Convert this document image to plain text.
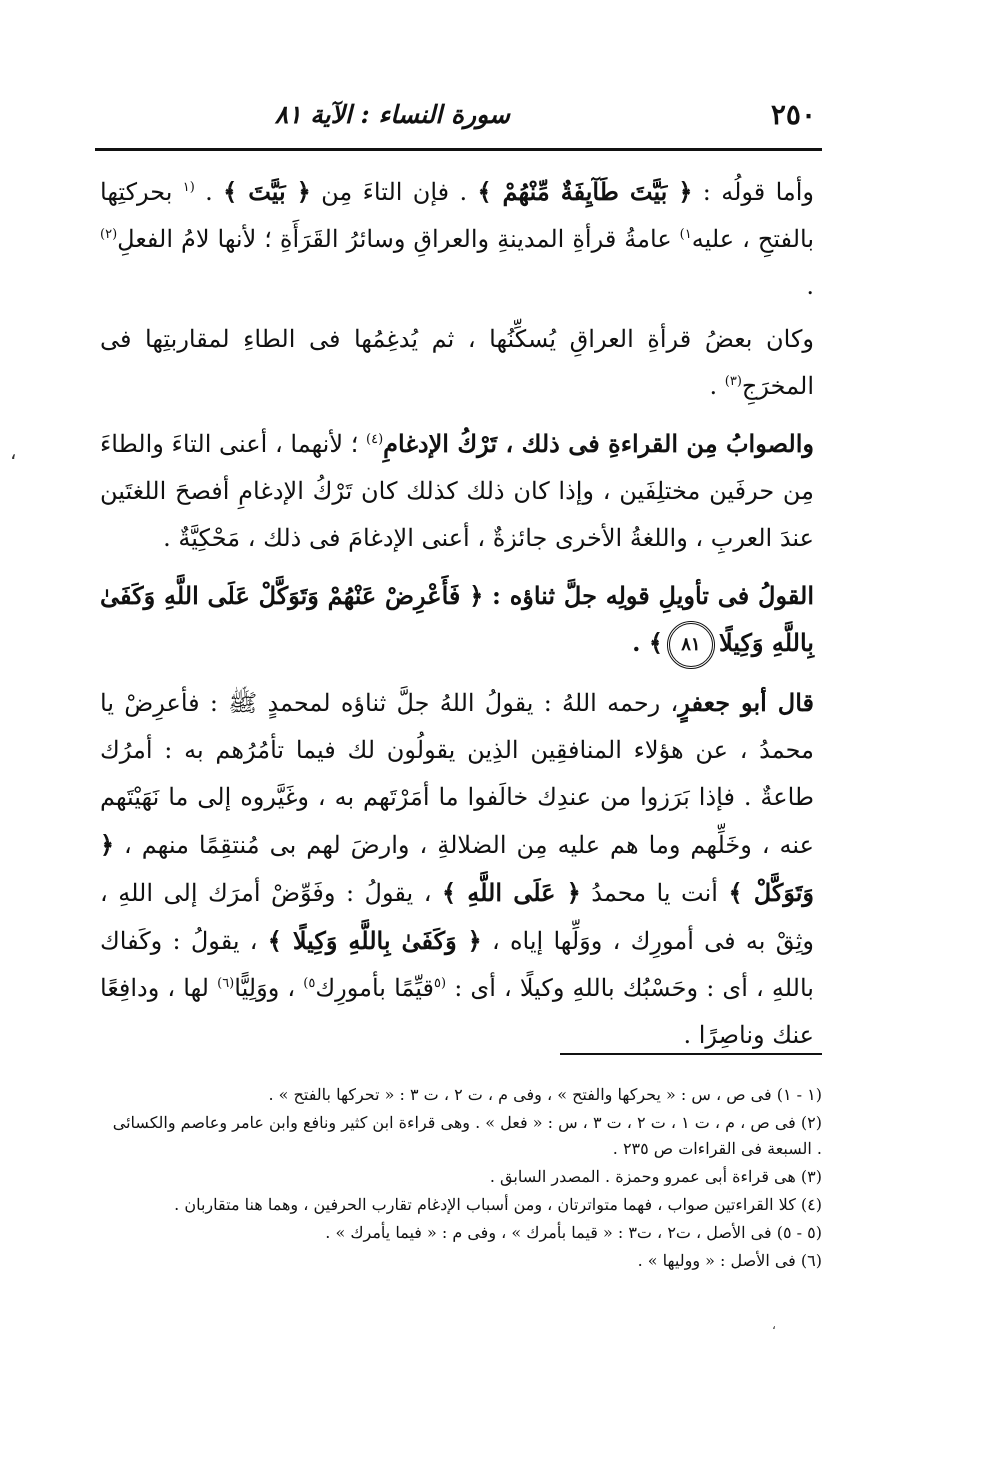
٢٥٠
سورة النساء : الآية ٨١
،

وأما قولُه : ﴿ بَيَّتَ طَآيِفَةٌ مِّنْهُمْ ﴾ . فإن التاءَ مِن ﴿ بَيَّتَ ﴾ . $^{(١}$ بحركتِها بالفتحِ ، عليه$^{١)}$ عامةُ قرأةِ المدينةِ والعراقِ وسائرُ القَرَأَةِ ؛ لأنها لامُ الفعلِ$^{(٢)}$ .

وكان بعضُ قرأةِ العراقِ يُسكِّنُها ، ثم يُدغِمُها فى الطاءِ لمقاربتِها فى المخرَجِ$^{(٣)}$ .

والصوابُ مِن القراءةِ فى ذلك ، تَرْكُ الإدغامِ$^{(٤)}$ ؛ لأنهما ، أعنى التاءَ والطاءَ مِن حرفَين مختلِفَين ، وإذا كان ذلك كذلك كان تَرْكُ الإدغامِ أفصحَ اللغتَين عندَ العربِ ، واللغةُ الأخرى جائزةٌ ، أعنى الإدغامَ فى ذلك ، مَحْكِيَّةٌ .

القولُ فى تأويلِ قولِه جلَّ ثناؤه : ﴿ فَأَعْرِضْ عَنْهُمْ وَتَوَكَّلْ عَلَى اللَّهِ وَكَفَىٰ بِاللَّهِ وَكِيلًا٨١﴾ .

قال أبو جعفرٍ، رحمه اللهُ : يقولُ اللهُ جلَّ ثناؤه لمحمدٍ ﷺ : فأعرِضْ يا محمدُ ، عن هؤلاء المنافقِين الذِين يقولُون لك فيما تأمُرُهم به : أمرُك طاعةٌ . فإذا بَرَزوا من عندِك خالَفوا ما أمَرْتَهم به ، وغَيَّروه إلى ما نَهَيْتَهم عنه ، وخَلِّهم وما هم عليه مِن الضلالةِ ، وارضَ لهم بى مُنتقِمًا منهم ، ﴿ وَتَوَكَّلْ ﴾ أنت يا محمدُ ﴿ عَلَى اللَّهِ ﴾ ، يقولُ : وفَوِّضْ أمرَك إلى اللهِ ، وثِقْ به فى أمورِك ، ووَلِّها إياه ، ﴿ وَكَفَىٰ بِاللَّهِ وَكِيلًا ﴾ ، يقولُ : وكَفاك باللهِ ، أى : وحَسْبُك باللهِ وكيلًا ، أى : $^{(٥}$قيِّمًا بأمورِك$^{٥)}$ ، ووَلِيًّا$^{(٦)}$ لها ، ودافِعًا عنك وناصِرًا .

(١ - ١) فى ص ، س : « يحركها والفتح » ، وفى م ، ت ٢ ، ت ٣ : « تحركها بالفتح » .

(٢) فى ص ، م ، ت ١ ، ت ٢ ، ت ٣ ، س : « فعل » . وهى قراءة ابن كثير ونافع وابن عامر وعاصم والكسائى . السبعة فى القراءات ص ٢٣٥ .

(٣) هى قراءة أبى عمرو وحمزة . المصدر السابق .

(٤) كلا القراءتين صواب ، فهما متواترتان ، ومن أسباب الإدغام تقارب الحرفين ، وهما هنا متقاربان .

(٥ - ٥) فى الأصل ، ت٢ ، ت٣ : « قيما بأمرك » ، وفى م : « فيما يأمرك » .

(٦) فى الأصل : « ووليها » .

،
